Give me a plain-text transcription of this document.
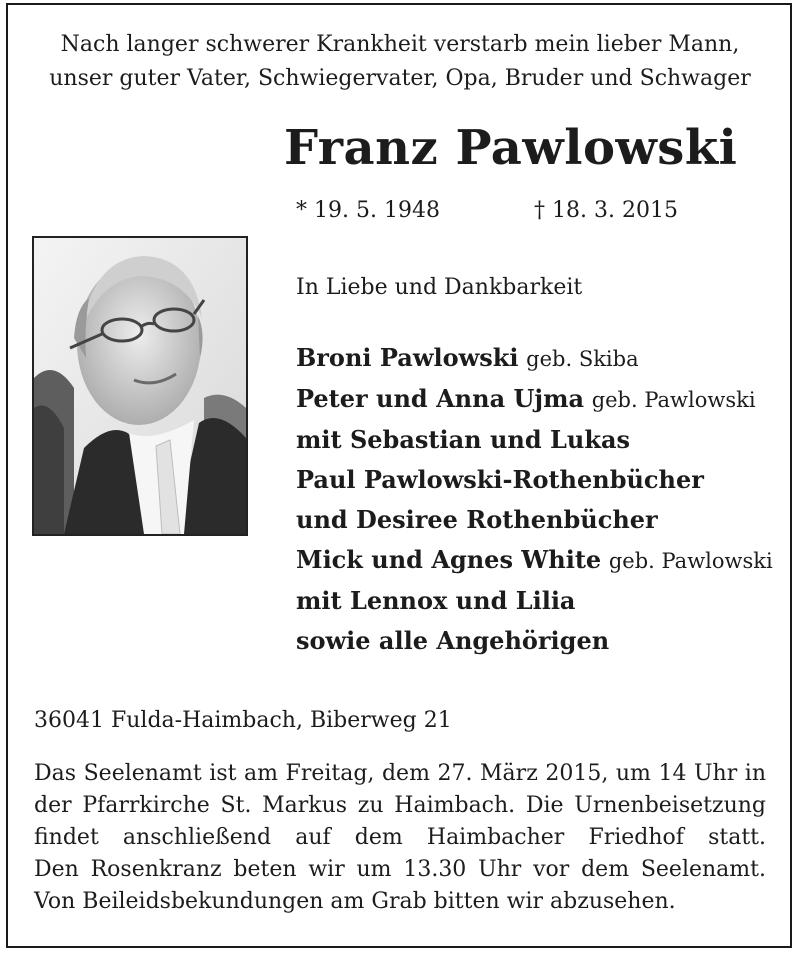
Nach langer schwerer Krankheit verstarb mein lieber Mann,
unser guter Vater, Schwiegervater, Opa, Bruder und Schwager
Franz Pawlowski
* 19. 5. 1948	† 18. 3. 2015
In Liebe und Dankbarkeit
Broni Pawlowski geb. Skiba
Peter und Anna Ujma geb. Pawlowski
mit Sebastian und Lukas
Paul Pawlowski-Rothenbücher
und Desiree Rothenbücher
Mick und Agnes White geb. Pawlowski
mit Lennox und Lilia
sowie alle Angehörigen
36041 Fulda-Haimbach, Biberweg 21
Das Seelenamt ist am Freitag, dem 27. März 2015, um 14 Uhr in
der Pfarrkirche St. Markus zu Haimbach. Die Urnenbeisetzung
findet anschließend auf dem Haimbacher Friedhof statt.
Den Rosenkranz beten wir um 13.30 Uhr vor dem Seelenamt.
Von Beileidsbekundungen am Grab bitten wir abzusehen.
